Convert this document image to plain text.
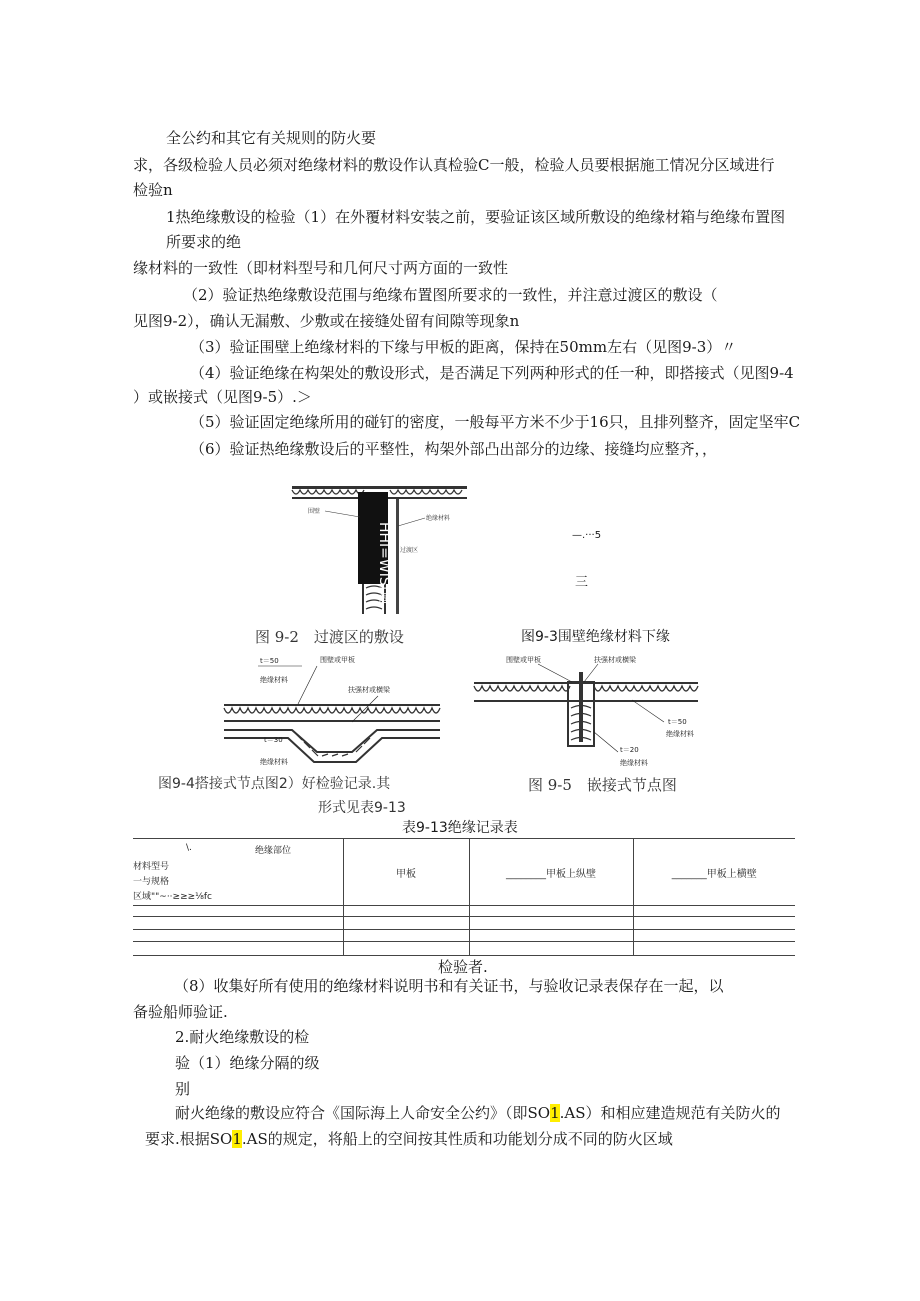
全公约和其它有关规则的防火要
求，各级检验人员必须对绝缘材料的敷设作认真检验C一般，检验人员要根据施工情况分区域进行
检验n
1热绝缘敷设的检验（1）在外覆材料安装之前，要验证该区域所敷设的绝缘材箱与绝缘布置图
所要求的绝
缘材料的一致性（即材料型号和几何尺寸两方面的一致性
（2）验证热绝缘敷设范围与绝缘布置图所要求的一致性，并注意过渡区的敷设（
见图9-2），确认无漏敷、少敷或在接缝处留有间隙等现象n
（3）验证围壁上绝缘材料的下缘与甲板的距离，保持在50mm左右（见图9-3）〃
（4）验证绝缘在构架处的敷设形式，是否满足下列两种形式的任一种，即搭接式（见图9-4
）或嵌接式（见图9-5）.＞
（5）验证固定绝缘所用的碰钉的密度，一般每平方米不少于16只，且排列整齐，固定坚牢C
（6）验证热绝缘敷设后的平整性，构架外部凸出部分的边缘、接缝均应整齐，，
HHI=WIS|迴
围壁
绝缘材料
过渡区
图 9-2　过渡区的敷设
—.···5
三
图9-3围壁绝缘材料下缘
t＝50
绝缘材料
围壁或甲板
扶强材或横梁
t＝30
绝缘材料
图9-4搭接式节点图2）好检验记录.其
形式见表9-13
围壁或甲板	扶强材或横梁
t＝50
绝缘材料
t＝20
绝缘材料
图 9-5　嵌接式节点图
表9-13绝缘记录表
\. 绝缘部位
材料型号
一与规格
区域""~··≥≥≥⅛fc	甲板	________甲板上纵壁	_______甲板上横壁

检验者.
（8）收集好所有使用的绝缘材料说明书和有关证书，与验收记录表保存在一起，以
备验船师验证.
2.耐火绝缘敷设的检
验（1）绝缘分隔的级
别
耐火绝缘的敷设应符合《国际海上人命安全公约》（即SO1.AS）和相应建造规范有关防火的
要求.根据SO1.AS的规定，将船上的空间按其性质和功能划分成不同的防火区域
